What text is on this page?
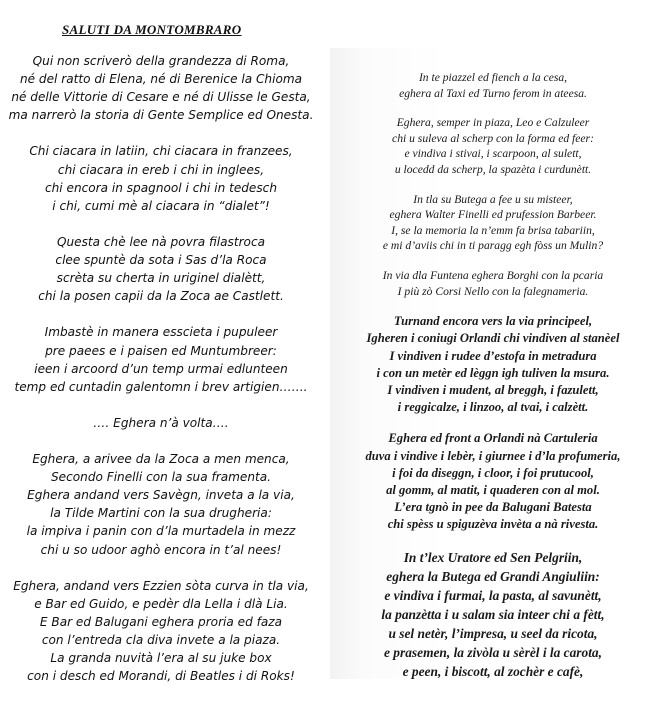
SALUTI DA MONTOMBRARO
Qui non scriverò della grandezza di Roma,
né del ratto di Elena, né di Berenice la Chioma
né delle Vittorie di Cesare e né di Ulisse le Gesta,
ma narrerò la storia di Gente Semplice ed Onesta.
Chi ciacara in latiin, chi ciacara in franzees,
chi ciacara in ereb i chi in inglees,
chi encora in spagnool i chi in tedesch
i chi, cumi mè al ciacara in “dialet”!
Questa chè lee nà povra filastroca
clee spuntè da sota i Sas d’la Roca
scrèta su cherta in uriginel dialètt,
chi la posen capii da la Zoca ae Castlett.
Imbastè in manera esscieta i pupuleer
pre paees e i paisen ed Muntumbreer:
ieen i arcoord d’un temp urmai edlunteen
temp ed cuntadin galentomn i brev artigien…….
.… Eghera n’à volta….
Eghera, a arivee da la Zoca a men menca,
Secondo Finelli con la sua framenta.
Eghera andand vers Savègn, inveta a la via,
la Tilde Martini con la sua drugheria:
la impiva i panin con d’la murtadela in mezz
chi u so udoor aghò encora in t’al nees!
Eghera, andand vers Ezzien sòta curva in tla via,
e Bar ed Guido, e pedèr dla Lella i dlà Lia.
E Bar ed Balugani eghera proria ed faza
con l’entreda cla diva invete a la piaza.
La granda nuvità l’era al su juke box
con i desch ed Morandi, di Beatles i di Roks!
In te piazzel ed fiench a la cesa,
eghera al Taxi ed Turno ferom in ateesa.
Eghera, semper in piaza, Leo e Calzuleer
chi u suleva al scherp con la forma ed feer:
e vindiva i stivai, i scarpoon, al sulett,
u locedd da scherp, la spazèta i curdunètt.
In tla su Butega a fee u su misteer,
eghera Walter Finelli ed prufession Barbeer.
I, se la memoria la n’emm fa brisa tabariin,
e mi d’aviis chi in ti paragg egh fòss un Mulin?
In via dla Funtena eghera Borghi con la pcaria
I più zò Corsi Nello con la falegnameria.
Turnand encora vers la via principeel,
Igheren i coniugi Orlandi chi vindiven al stanèel
I vindiven i rudee d’estofa in metradura
i con un metèr ed lèggn igh tuliven la msura.
I vindiven i mudent, al breggh, i fazulett,
i reggicalze, i linzoo, al tvai, i calzètt.
Eghera ed front a Orlandi nà Cartuleria
duva i vindive i lebèr, i giurnee i d’la profumeria,
i foi da diseggn, i cloor, i foi prutucool,
al gomm, al matit, i quaderen con al mol.
L’era tgnò in pee da Balugani Batesta
chi spèss u spiguzèva invèta a nà rivesta.
In t’lex Uratore ed Sen Pelgriin,
eghera la Butega ed Grandi Angiuliin:
e vindiva i furmai, la pasta, al savunètt,
la panzètta i u salam sia inteer chi a fètt,
u sel netèr, l’impresa, u seel da ricota,
e prasemen, la zivòla u sèrèl i la carota,
e peen, i biscott, al zochèr e cafè,
